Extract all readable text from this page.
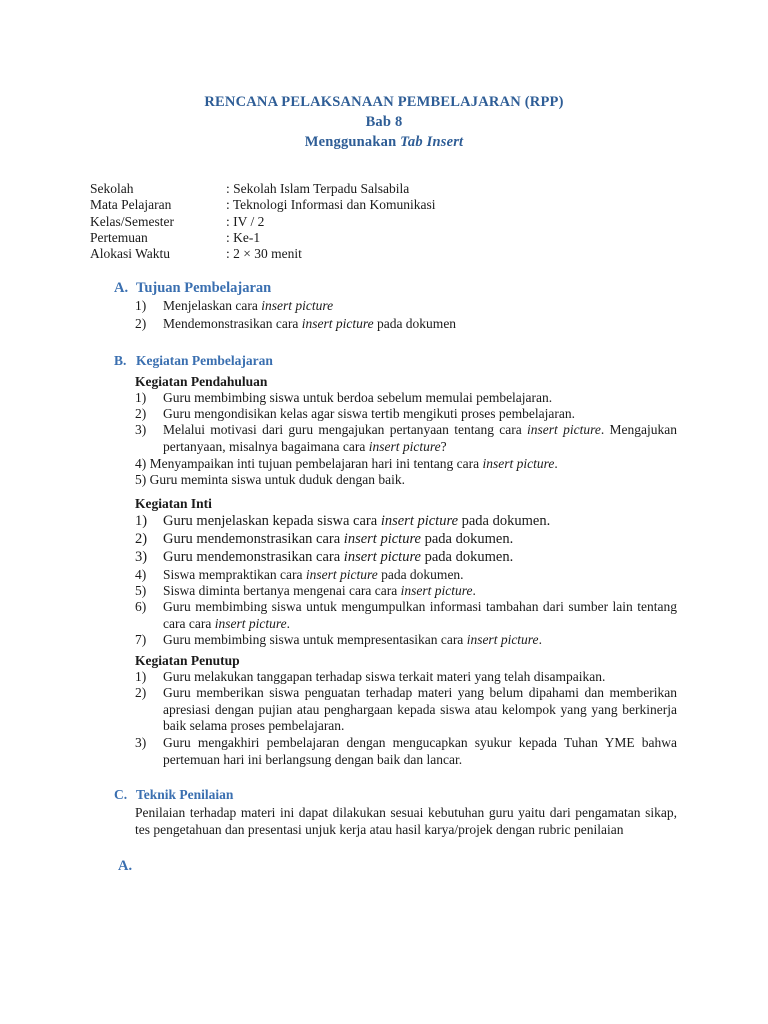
RENCANA PELAKSANAAN PEMBELAJARAN (RPP)
Bab 8
Menggunakan Tab Insert
Sekolah	: Sekolah Islam Terpadu Salsabila
Mata Pelajaran	: Teknologi Informasi dan Komunikasi
Kelas/Semester	: IV / 2
Pertemuan	: Ke-1
Alokasi Waktu	: 2 × 30 menit
A. Tujuan Pembelajaran
1) Menjelaskan cara insert picture
2) Mendemonstrasikan cara insert picture pada dokumen
B. Kegiatan Pembelajaran
Kegiatan Pendahuluan
1) Guru membimbing siswa untuk berdoa sebelum memulai pembelajaran.
2) Guru mengondisikan kelas agar siswa tertib mengikuti proses pembelajaran.
3) Melalui motivasi dari guru mengajukan pertanyaan tentang cara insert picture. Mengajukan pertanyaan, misalnya bagaimana cara insert picture?
4) Menyampaikan inti tujuan pembelajaran hari ini tentang cara insert picture.
5) Guru meminta siswa untuk duduk dengan baik.
Kegiatan Inti
1) Guru menjelaskan kepada siswa cara insert picture pada dokumen.
2) Guru mendemonstrasikan cara insert picture pada dokumen.
3) Guru mendemonstrasikan cara insert picture pada dokumen.
4) Siswa mempraktikan cara insert picture pada dokumen.
5) Siswa diminta bertanya mengenai cara cara insert picture.
6) Guru membimbing siswa untuk mengumpulkan informasi tambahan dari sumber lain tentang cara cara insert picture.
7) Guru membimbing siswa untuk mempresentasikan cara insert picture.
Kegiatan Penutup
1) Guru melakukan tanggapan terhadap siswa terkait materi yang telah disampaikan.
2) Guru memberikan siswa penguatan terhadap materi yang belum dipahami dan memberikan apresiasi dengan pujian atau penghargaan kepada siswa atau kelompok yang yang berkinerja baik selama proses pembelajaran.
3) Guru mengakhiri pembelajaran dengan mengucapkan syukur kepada Tuhan YME bahwa pertemuan hari ini berlangsung dengan baik dan lancar.
C. Teknik Penilaian
Penilaian terhadap materi ini dapat dilakukan sesuai kebutuhan guru yaitu dari pengamatan sikap, tes pengetahuan dan presentasi unjuk kerja atau hasil karya/projek dengan rubric penilaian
A.
